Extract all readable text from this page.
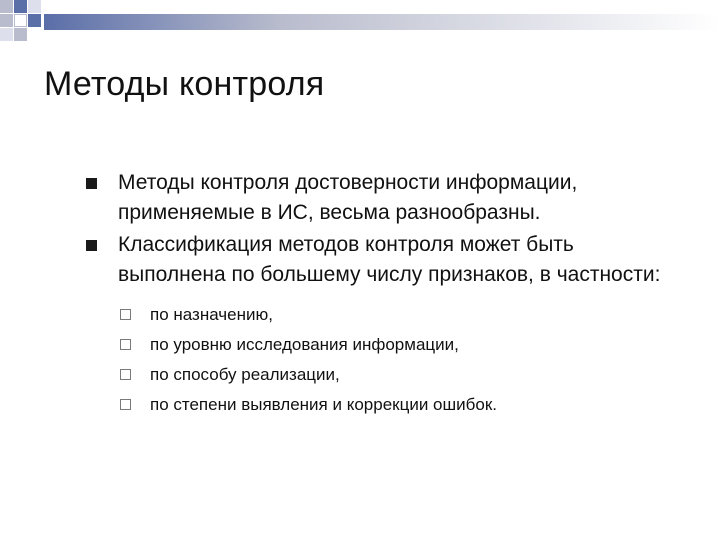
Методы контроля
Методы контроля достоверности информации, применяемые в ИС, весьма разнообразны.
Классификация методов контроля может быть выполнена по большему числу признаков, в частности:
по назначению,
по уровню исследования информации,
по способу реализации,
по степени выявления и коррекции ошибок.
